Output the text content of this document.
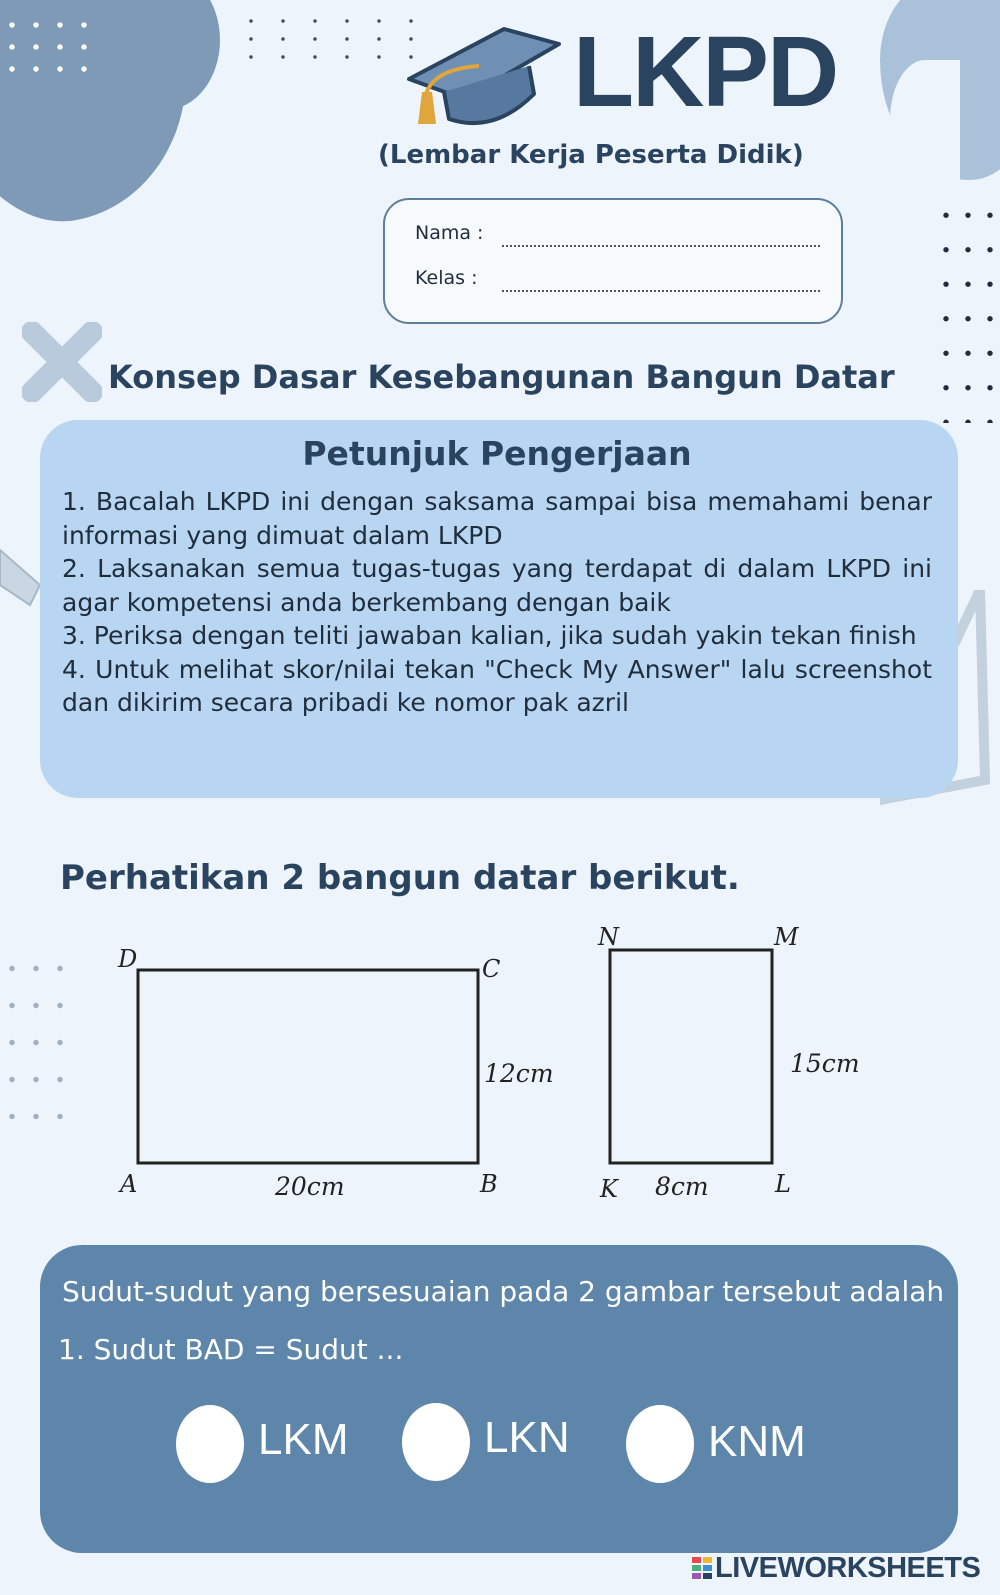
LKPD
(Lembar Kerja Peserta Didik)
Nama :
Kelas :
Konsep Dasar Kesebangunan Bangun Datar
Petunjuk Pengerjaan
1. Bacalah LKPD ini dengan saksama sampai bisa memahami benar informasi yang dimuat dalam LKPD
2. Laksanakan semua tugas-tugas yang terdapat di dalam LKPD ini agar kompetensi anda berkembang dengan baik
3. Periksa dengan teliti jawaban kalian, jika sudah yakin tekan finish
4. Untuk melihat skor/nilai tekan "Check My Answer" lalu screenshot dan dikirim secara pribadi ke nomor pak azril
Perhatikan 2 bangun datar berikut.
D	C
A	B
12cm
20cm
N	M
K	L
15cm
8cm
Sudut-sudut yang bersesuaian pada 2 gambar tersebut adalah
1. Sudut BAD = Sudut ...
LKM	LKN	KNM
LIVEWORKSHEETS
